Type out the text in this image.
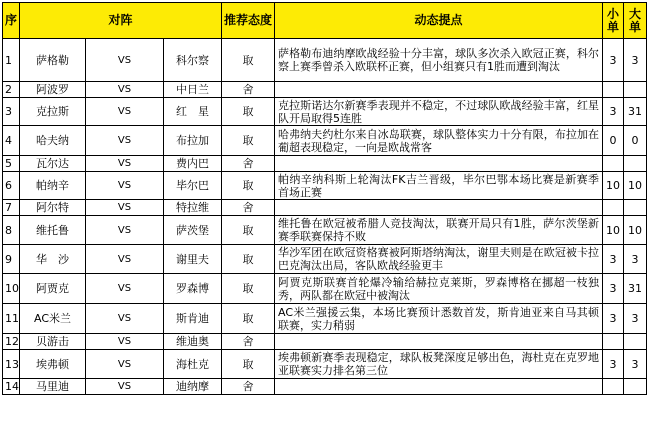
序	对阵			推荐态度	动态提点	小单	大单
1	萨格勒	VS	科尔察	取	萨格勒布迪纳摩欧战经验十分丰富，球队多次杀入欧冠正赛，科尔察上赛季曾杀入欧联杯正赛，但小组赛只有1胜而遭到淘汰	3	3
2	阿波罗	VS	中日兰	舍			
3	克拉斯	VS	红　星	取	克拉斯诺达尔新赛季表现并不稳定，不过球队欧战经验丰富，红星队开局取得5连胜	3	31
4	哈夫纳	VS	布拉加	取	哈弗纳夫约杜尔来自冰岛联赛，球队整体实力十分有限，布拉加在葡超表现稳定，一向是欧战常客	0	0
5	瓦尔达	VS	费内巴	舍			
6	帕纳辛	VS	毕尔巴	取	帕纳辛纳科斯上轮淘汰FK吉兰晋级，毕尔巴鄂本场比赛是新赛季首场正赛	10	10
7	阿尔特	VS	特拉维	舍			
8	维托鲁	VS	萨茨堡	取	维托鲁在欧冠被希腊人竞技淘汰，联赛开局只有1胜，萨尔茨堡新赛季联赛保持不败	10	10
9	华　沙	VS	谢里夫	取	华沙军团在欧冠资格赛被阿斯塔纳淘汰，谢里夫则是在欧冠被卡拉巴克淘汰出局，客队欧战经验更丰	3	3
10	阿贾克	VS	罗森博	取	阿贾克斯联赛首轮爆冷输给赫拉克莱斯，罗森博格在挪超一枝独秀，两队都在欧冠中被淘汰	3	31
11	AC米兰	VS	斯肯迪	取	AC米兰强援云集，本场比赛预计悉数首发，斯肯迪亚来自马其顿联赛，实力稍弱	3	3
12	贝游击	VS	维迪奥	舍			
13	埃弗顿	VS	海杜克	取	埃弗顿新赛季表现稳定，球队板凳深度足够出色，海杜克在克罗地亚联赛实力排名第三位	3	3
14	马里迪	VS	迪纳摩	舍			
